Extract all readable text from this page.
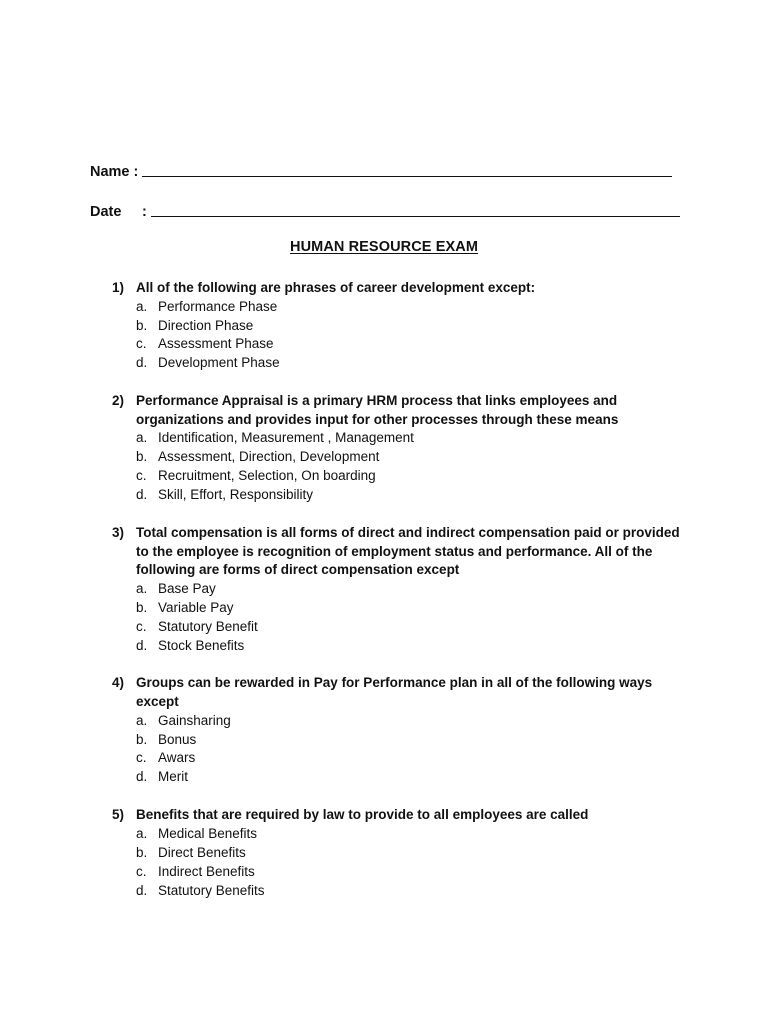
Name :
Date	:
HUMAN RESOURCE EXAM
1) All of the following are phrases of career development except:
a. Performance Phase
b. Direction Phase
c. Assessment Phase
d. Development Phase
2) Performance Appraisal is a primary HRM process that links employees and organizations and provides input for other processes through these means
a. Identification, Measurement , Management
b. Assessment, Direction, Development
c. Recruitment, Selection, On boarding
d. Skill, Effort, Responsibility
3) Total compensation is all forms of direct and indirect compensation paid or provided to the employee is recognition of employment status and performance. All of the following are forms of direct compensation except
a. Base Pay
b. Variable Pay
c. Statutory Benefit
d. Stock Benefits
4) Groups can be rewarded in Pay for Performance plan in all of the following ways except
a. Gainsharing
b. Bonus
c. Awars
d. Merit
5) Benefits that are required by law to provide to all employees are called
a. Medical Benefits
b. Direct Benefits
c. Indirect Benefits
d. Statutory Benefits
